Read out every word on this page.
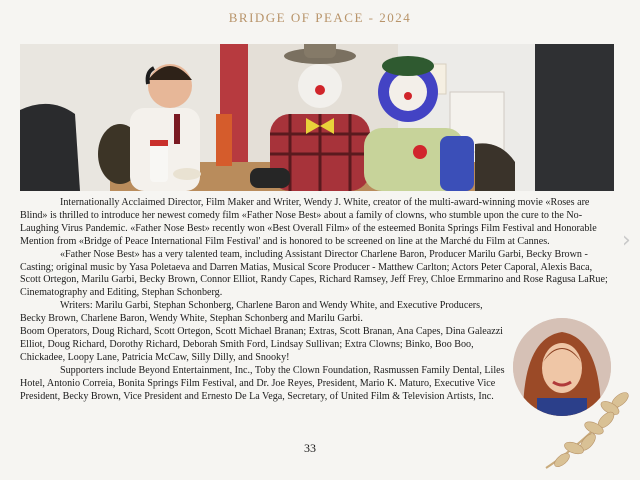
BRIDGE OF PEACE - 2024

Internationally Acclaimed Director, Film Maker and Writer, Wendy J. White, creator of the multi-award-winning movie «Roses are Blind» is thrilled to introduce her newest comedy film «Father Nose Best» about a family of clowns, who stumble upon the cure to the No-Laughing Virus Pandemic. «Father Nose Best» recently won «Best Overall Film» of the esteemed Bonita Springs Film Festival and Honorable Mention from «Bridge of Peace International Film Festival' and is honored to be screened on line at the Marché du Film at Cannes.

«Father Nose Best» has a very talented team, including Assistant Director Charlene Baron, Producer Marilu Garbi, Becky Brown - Casting; original music by Yasa Poletaeva and Darren Matias, Musical Score Producer - Matthew Carlton; Actors Peter Caporal, Alexis Baca, Scott Ortegon, Marilu Garbi, Becky Brown, Connor Elliot, Randy Capes, Richard Ramsey, Jeff Frey, Chloe Ermmarino and Rose Ragusa LaRue; Cinematography and Editing, Stephan Schonberg.

Writers: Marilu Garbi, Stephan Schonberg, Charlene Baron and Wendy White, and Executive Producers, Becky Brown, Charlene Baron, Wendy White, Stephan Schonberg and Marilu Garbi.

Boom Operators, Doug Richard, Scott Ortegon, Scott Michael Branan; Extras, Scott Branan, Ana Capes, Dina Galeazzi Elliot, Doug Richard, Dorothy Richard, Deborah Smith Ford, Lindsay Sullivan; Extra Clowns; Binko, Boo Boo, Chickadee, Loopy Lane, Patricia McCaw, Silly Dilly, and Snooky!

Supporters include Beyond Entertainment, Inc., Toby the Clown Foundation, Rasmussen Family Dental, Liles Hotel, Antonio Correia, Bonita Springs Film Festival, and Dr. Joe Reyes, President, Mario K. Maturo, Executive Vice President, Becky Brown, Vice President and Ernesto De La Vega, Secretary, of United Film & Television Artists, Inc.

33
›
